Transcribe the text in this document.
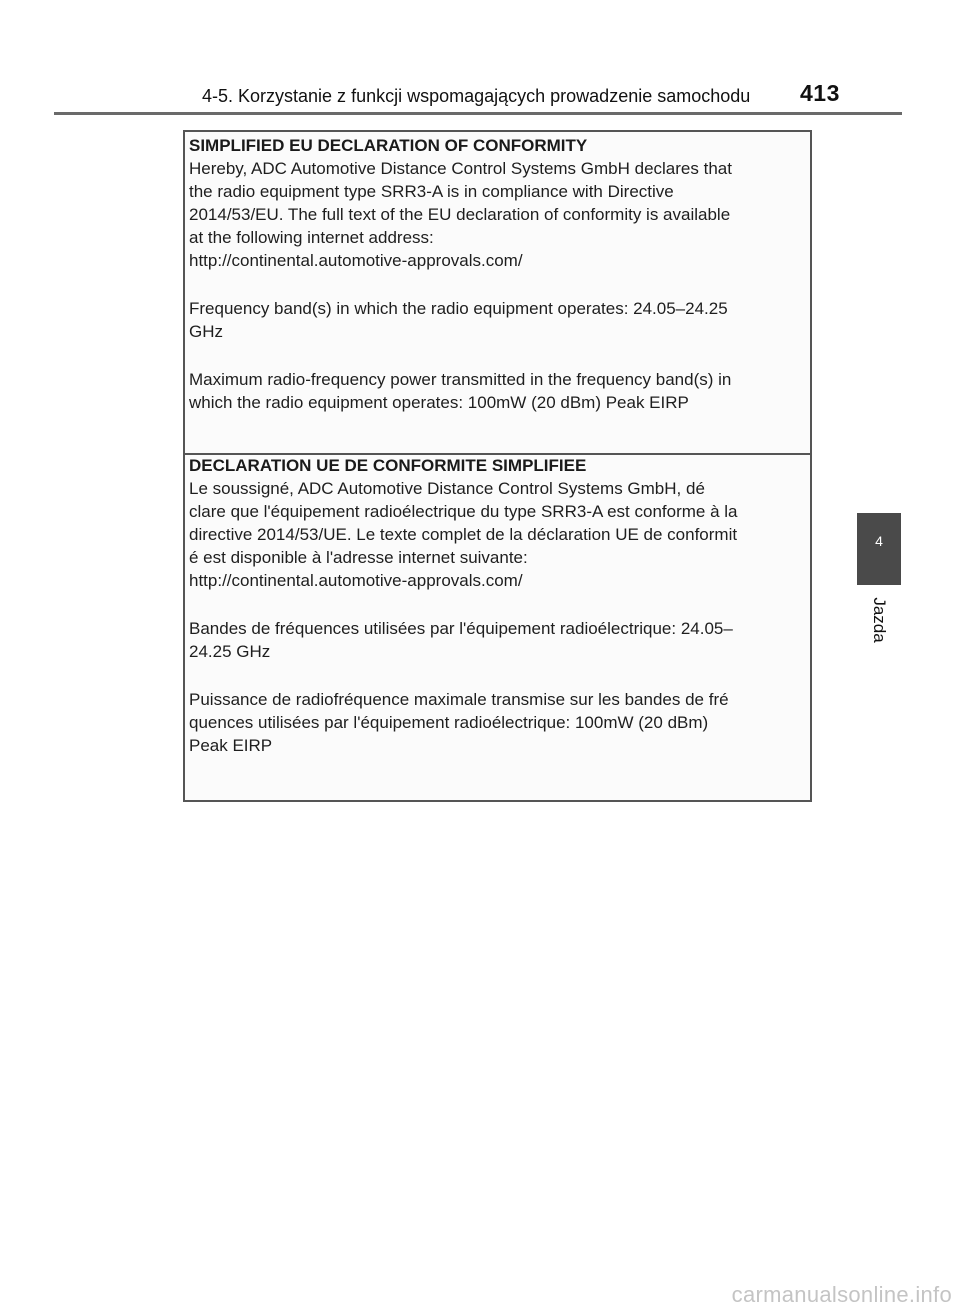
4-5. Korzystanie z funkcji wspomagających prowadzenie samochodu 413

SIMPLIFIED EU DECLARATION OF CONFORMITY

Hereby, ADC Automotive Distance Control Systems GmbH declares that
the radio equipment type SRR3-A is in compliance with Directive
2014/53/EU. The full text of the EU declaration of conformity is available
at the following internet address:
http://continental.automotive-approvals.com/

Frequency band(s) in which the radio equipment operates: 24.05–24.25
GHz

Maximum radio-frequency power transmitted in the frequency band(s) in
which the radio equipment operates: 100mW (20 dBm) Peak EIRP

DECLARATION UE DE CONFORMITE SIMPLIFIEE

Le soussigné, ADC Automotive Distance Control Systems GmbH, dé
clare que l'équipement radioélectrique du type SRR3-A est conforme à la
directive 2014/53/UE. Le texte complet de la déclaration UE de conformit
é est disponible à l'adresse internet suivante:
http://continental.automotive-approvals.com/

Bandes de fréquences utilisées par l'équipement radioélectrique: 24.05–
24.25 GHz

Puissance de radiofréquence maximale transmise sur les bandes de fré
quences utilisées par l'équipement radioélectrique: 100mW (20 dBm)
Peak EIRP

4
Jazda
carmanualsonline.info
